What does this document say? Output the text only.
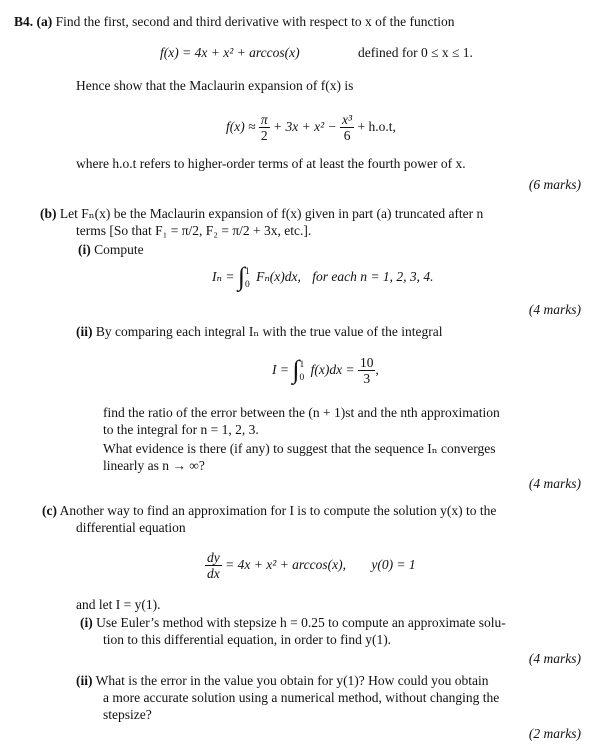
B4. (a) Find the first, second and third derivative with respect to x of the function
f(x) = 4x + x² + arccos(x)	defined for 0 ≤ x ≤ 1.
Hence show that the Maclaurin expansion of f(x) is
$f(x) \approx \frac{\pi}{2} + 3x + x^2 - \frac{\text{x³}}{6} + h.o.t$,
where h.o.t refers to higher-order terms of at least the fourth power of x.
(6 marks)
(b) Let Fₙ(x) be the Maclaurin expansion of f(x) given in part (a) truncated after n
terms [So that F₁ = π/2, F₂ = π/2 + 3x, etc.].
(i) Compute
Iₙ = ∫ 1
0
Fₙ(x)dx, for each n = 1, 2, 3, 4.
(4 marks)
(ii) By comparing each integral Iₙ with the true value of the integral
I = ∫ 1
0
$f(x)dx = \frac{10}{3}$ ,
find the ratio of the error between the (n + 1)st and the nth approximation
to the integral for n = 1, 2, 3.
What evidence is there (if any) to suggest that the sequence Iₙ converges
linearly as n → ∞?
(4 marks)
(c) Another way to find an approximation for I is to compute the solution y(x) to the
differential equation
$\frac{dy}{dx} = 4x + x^2 + \arccos(x)$, y(0) = 1
and let I = y(1).
(i) Use Euler’s method with stepsize h = 0.25 to compute an approximate solu-
tion to this differential equation, in order to find y(1).
(4 marks)
(ii) What is the error in the value you obtain for y(1)? How could you obtain
a more accurate solution using a numerical method, without changing the
stepsize?
(2 marks)
